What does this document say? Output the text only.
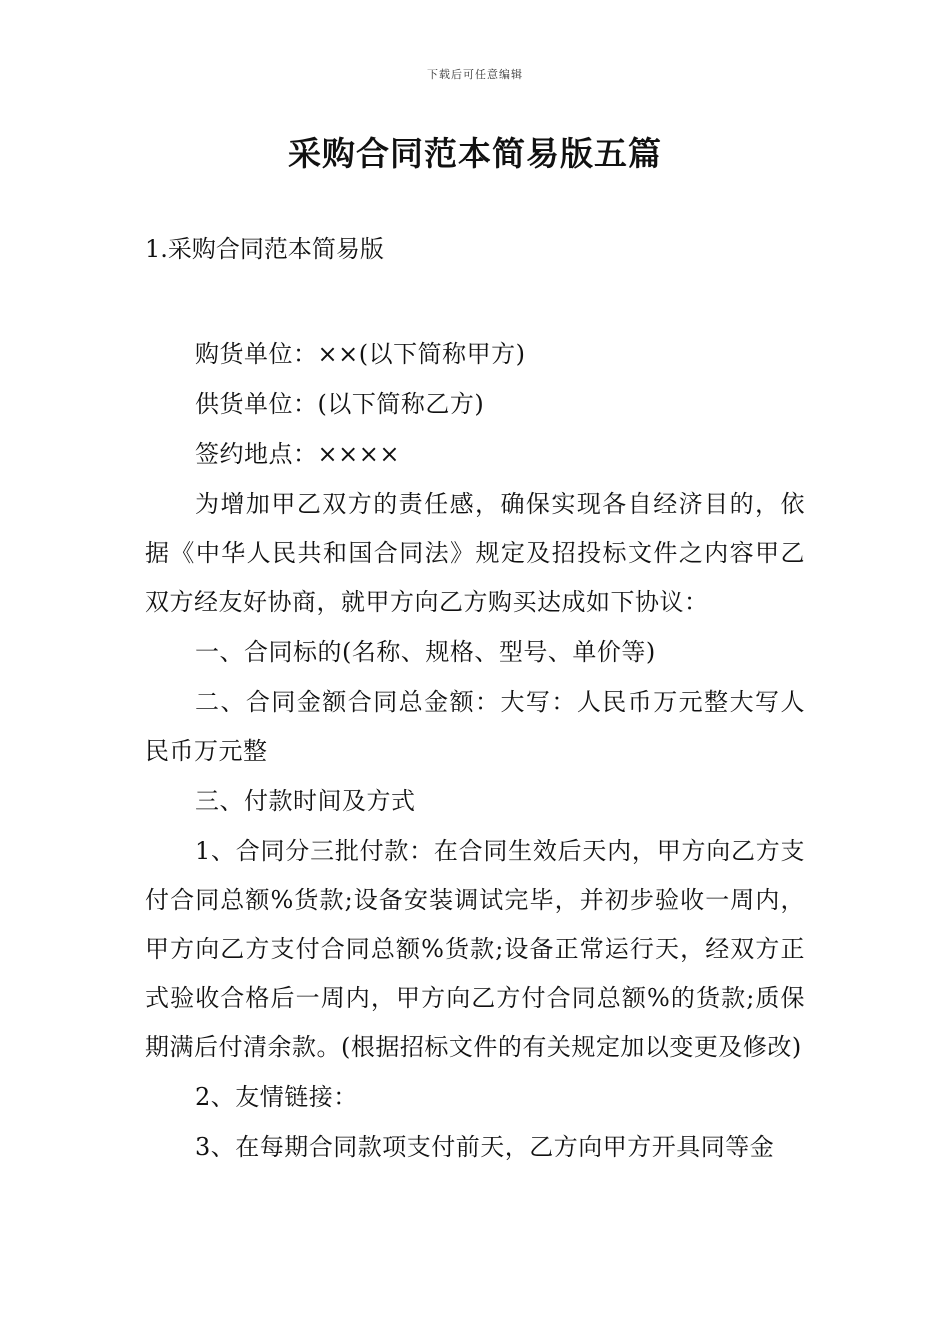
下载后可任意编辑
采购合同范本简易版五篇
1.采购合同范本简易版

购货单位：××(以下简称甲方)

供货单位：(以下简称乙方)

签约地点：××××

为增加甲乙双方的责任感，确保实现各自经济目的，依据《中华人民共和国合同法》规定及招投标文件之内容甲乙双方经友好协商，就甲方向乙方购买达成如下协议：

一、合同标的(名称、规格、型号、单价等)

二、合同金额合同总金额：大写：人民币万元整大写人民币万元整

三、付款时间及方式

1、合同分三批付款：在合同生效后天内，甲方向乙方支付合同总额%货款;设备安装调试完毕，并初步验收一周内，甲方向乙方支付合同总额%货款;设备正常运行天，经双方正式验收合格后一周内，甲方向乙方付合同总额%的货款;质保期满后付清余款。(根据招标文件的有关规定加以变更及修改)

2、友情链接：

3、在每期合同款项支付前天，乙方向甲方开具同等金
